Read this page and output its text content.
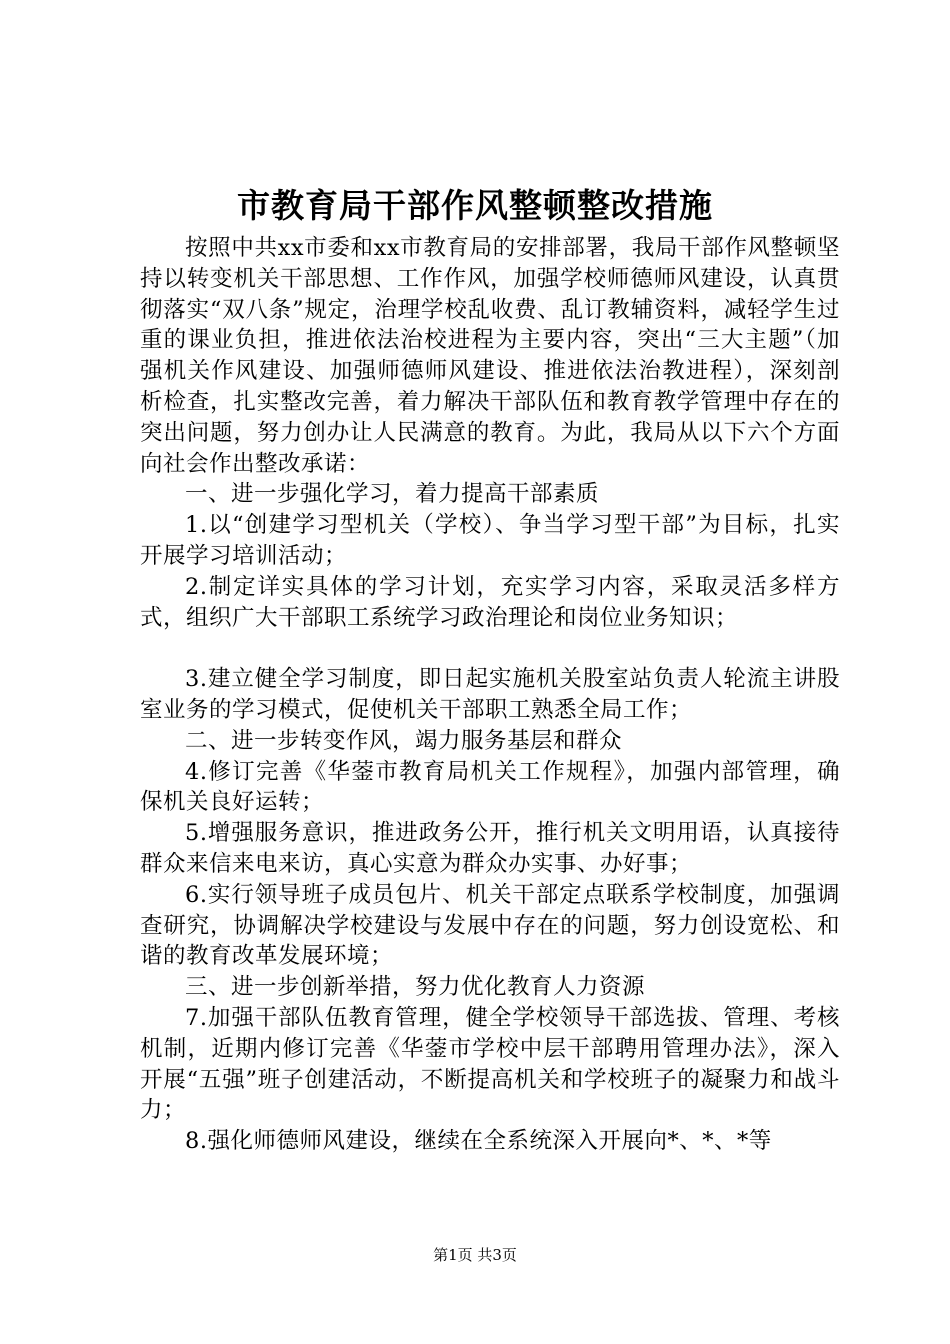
市教育局干部作风整顿整改措施

按照中共xx市委和xx市教育局的安排部署，我局干部作风整顿坚持以转变机关干部思想、工作作风，加强学校师德师风建设，认真贯彻落实“双八条”规定，治理学校乱收费、乱订教辅资料，减轻学生过重的课业负担，推进依法治校进程为主要内容，突出“三大主题”（加强机关作风建设、加强师德师风建设、推进依法治教进程），深刻剖析检查，扎实整改完善，着力解决干部队伍和教育教学管理中存在的突出问题，努力创办让人民满意的教育。为此，我局从以下六个方面向社会作出整改承诺：

一、进一步强化学习，着力提高干部素质

1.以“创建学习型机关（学校）、争当学习型干部”为目标，扎实开展学习培训活动；

2.制定详实具体的学习计划，充实学习内容，采取灵活多样方式，组织广大干部职工系统学习政治理论和岗位业务知识；

3.建立健全学习制度，即日起实施机关股室站负责人轮流主讲股室业务的学习模式，促使机关干部职工熟悉全局工作；

二、进一步转变作风，竭力服务基层和群众

4.修订完善《华蓥市教育局机关工作规程》，加强内部管理，确保机关良好运转；

5.增强服务意识，推进政务公开，推行机关文明用语，认真接待群众来信来电来访，真心实意为群众办实事、办好事；

6.实行领导班子成员包片、机关干部定点联系学校制度，加强调查研究，协调解决学校建设与发展中存在的问题，努力创设宽松、和谐的教育改革发展环境；

三、进一步创新举措，努力优化教育人力资源

7.加强干部队伍教育管理，健全学校领导干部选拔、管理、考核机制，近期内修订完善《华蓥市学校中层干部聘用管理办法》，深入开展“五强”班子创建活动，不断提高机关和学校班子的凝聚力和战斗力；

8.强化师德师风建设，继续在全系统深入开展向*、*、*等

第1页 共3页
